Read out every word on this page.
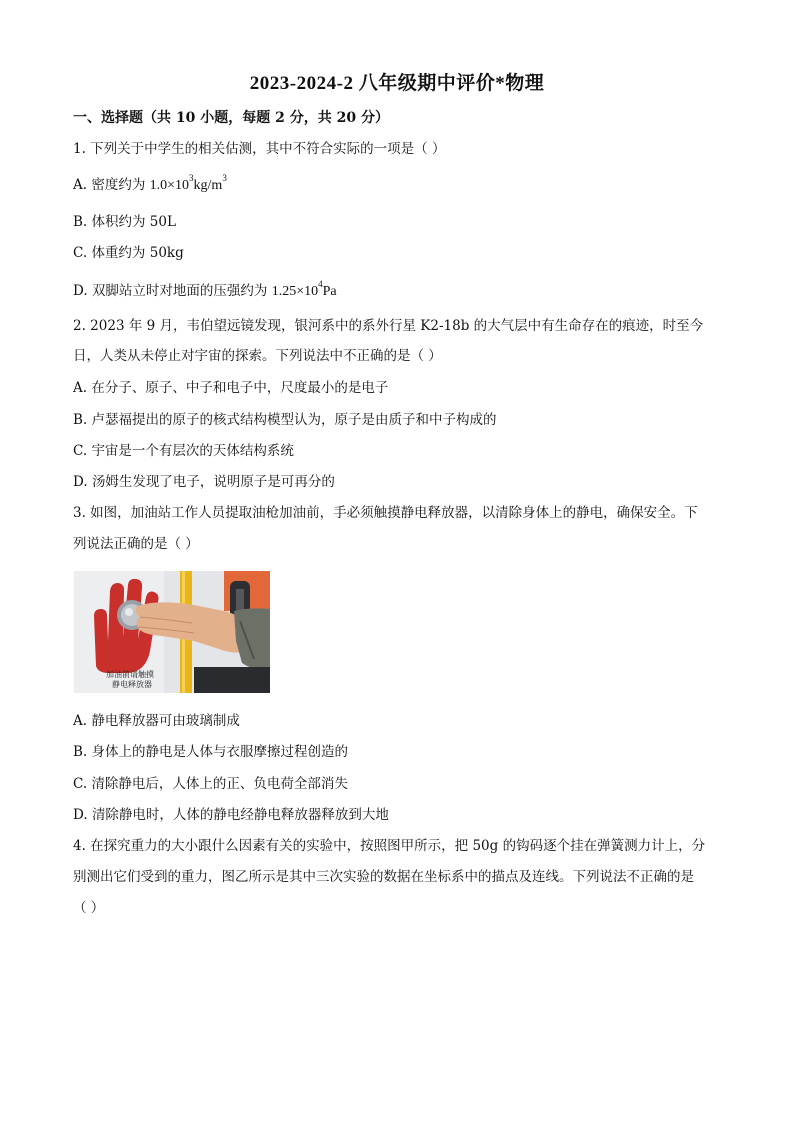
2023-2024-2 八年级期中评价*物理
一、选择题（共 10 小题，每题 2 分，共 20 分）
1. 下列关于中学生的相关估测，其中不符合实际的一项是（ ）
A. 密度约为 $1.0\times 10^3kg/m^3$
B. 体积约为 50L
C. 体重约为 50kg
D. 双脚站立时对地面的压强约为 $1.25\times 10^4Pa$
2. 2023 年 9 月，韦伯望远镜发现，银河系中的系外行星 K2-18b 的大气层中有生命存在的痕迹，时至今
日，人类从未停止对宇宙的探索。下列说法中不正确的是（ ）
A. 在分子、原子、中子和电子中，尺度最小的是电子
B. 卢瑟福提出的原子的核式结构模型认为，原子是由质子和中子构成的
C. 宇宙是一个有层次的天体结构系统
D. 汤姆生发现了电子，说明原子是可再分的
3. 如图，加油站工作人员提取油枪加油前，手必须触摸静电释放器，以清除身体上的静电，确保安全。下
列说法正确的是（ ）
加油前请触摸
静电释放器
A. 静电释放器可由玻璃制成
B. 身体上的静电是人体与衣服摩擦过程创造的
C. 清除静电后，人体上的正、负电荷全部消失
D. 清除静电时，人体的静电经静电释放器释放到大地
4. 在探究重力的大小跟什么因素有关的实验中，按照图甲所示，把 50g 的钩码逐个挂在弹簧测力计上，分
别测出它们受到的重力，图乙所示是其中三次实验的数据在坐标系中的描点及连线。下列说法不正确的是
（ ）
